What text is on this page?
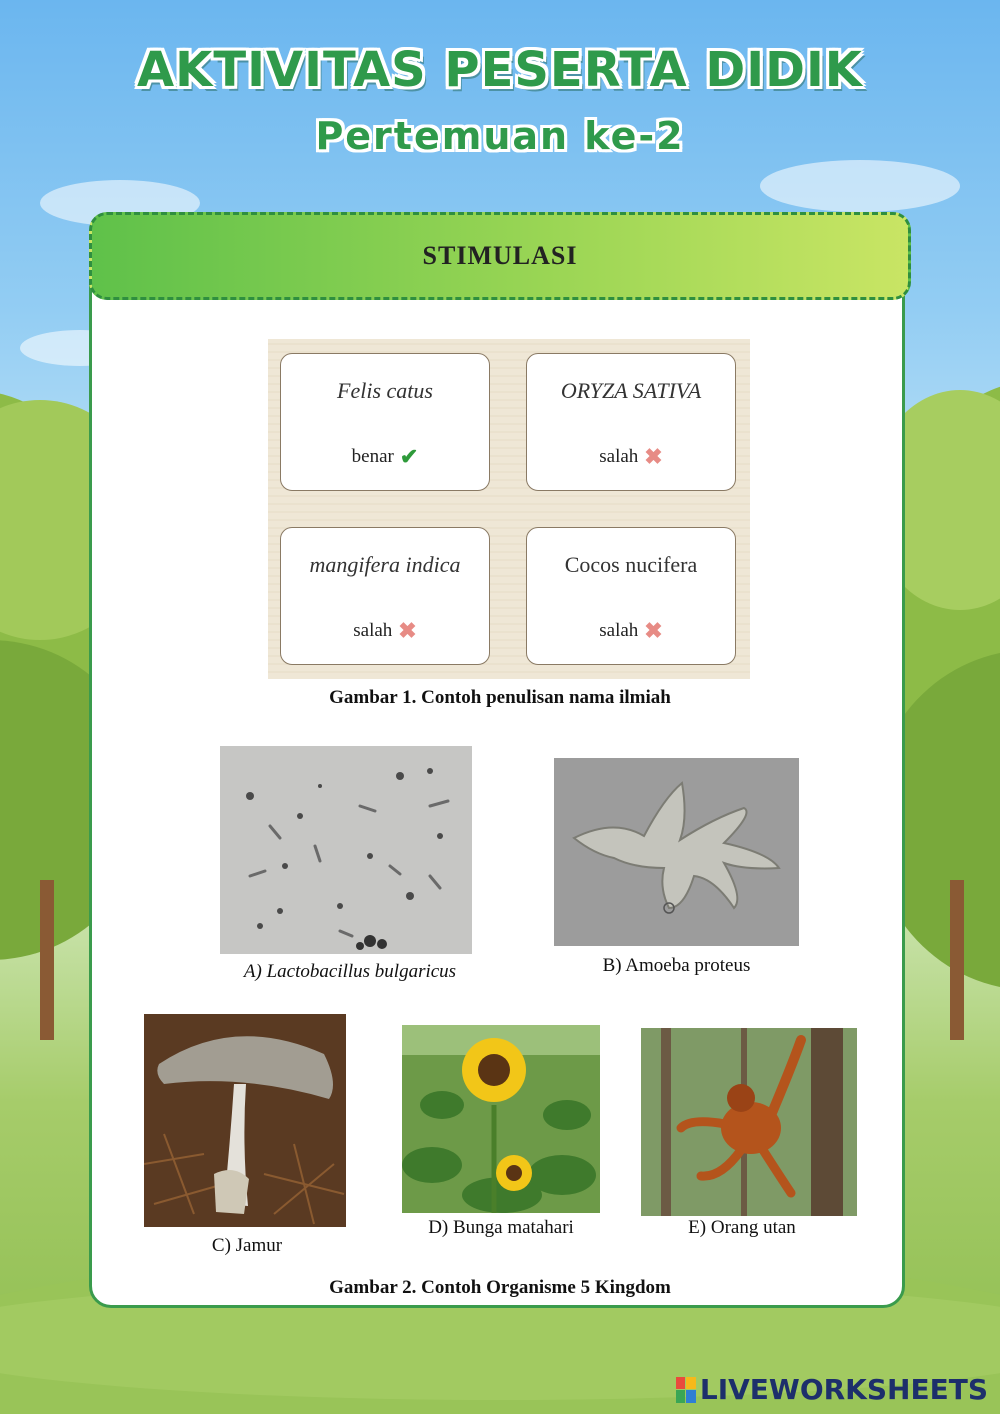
AKTIVITAS PESERTA DIDIK
Pertemuan ke-2
STIMULASI
Felis catus
benar ✔
ORYZA SATIVA
salah ✖
mangifera indica
salah ✖
Cocos nucifera
salah ✖
Gambar 1. Contoh penulisan nama ilmiah
A) Lactobacillus bulgaricus	B) Amoeba proteus
C) Jamur
D) Bunga matahari	E) Orang utan
Gambar 2. Contoh Organisme 5 Kingdom
LIVEWORKSHEETS
